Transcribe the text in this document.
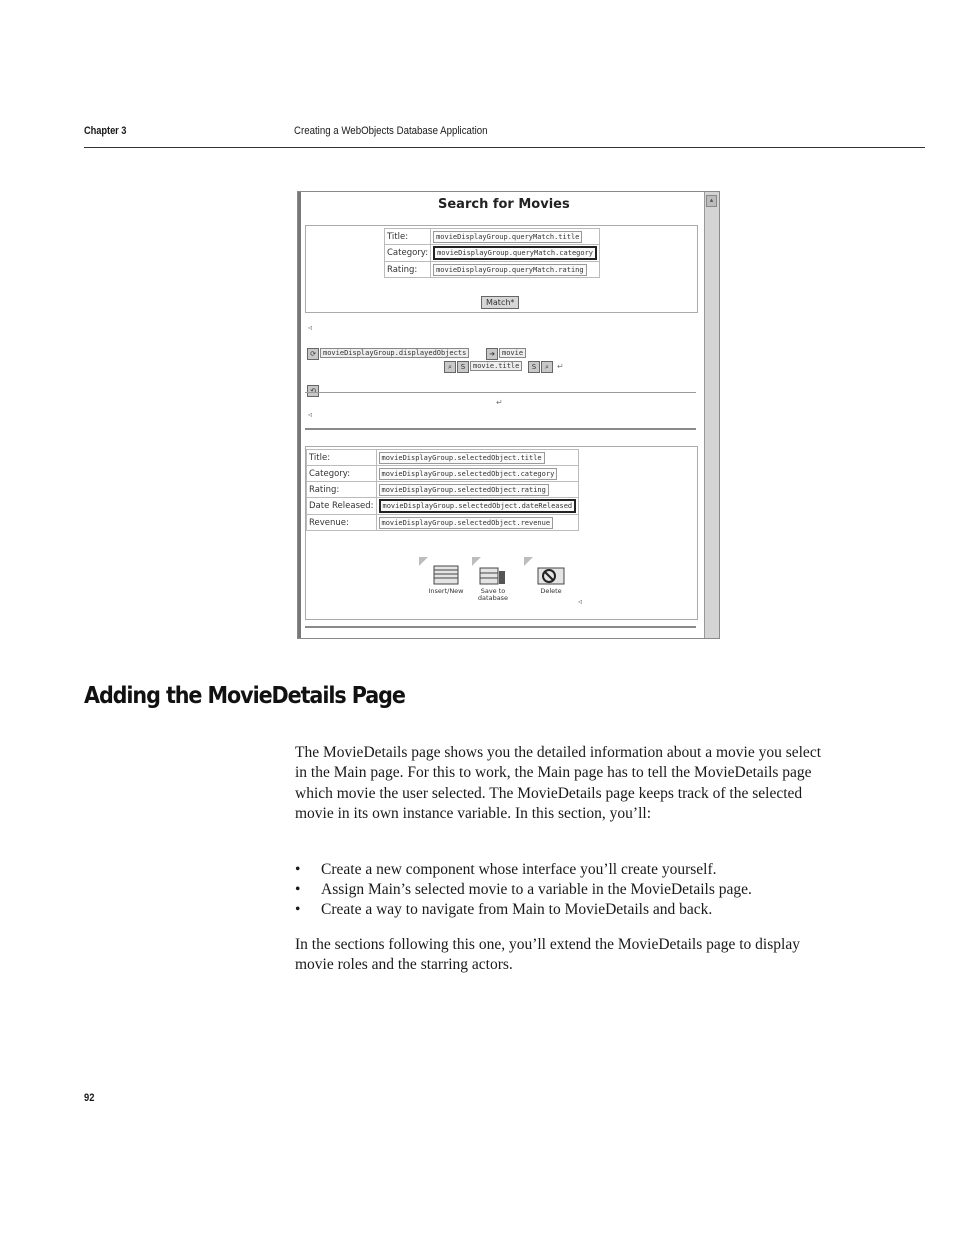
Chapter 3	Creating a WebObjects Database Application
▴
Search for Movies
Title:	movieDisplayGroup.queryMatch.title
Category:	movieDisplayGroup.queryMatch.category
Rating:	movieDisplayGroup.queryMatch.rating
Match*
◃
⟳	movieDisplayGroup.displayedObjects	➔	movie
⌕	S	movie.title	S	⌕	↵
⟲
↵
◃
Title:	movieDisplayGroup.selectedObject.title
Category:	movieDisplayGroup.selectedObject.category
Rating:	movieDisplayGroup.selectedObject.rating
Date Released:	movieDisplayGroup.selectedObject.dateReleased
Revenue:	movieDisplayGroup.selectedObject.revenue
Insert/New	Save to database
Delete
◃
Adding the MovieDetails Page

The MovieDetails page shows you the detailed information about a movie you select in the Main page. For this to work, the Main page has to tell the MovieDetails page which movie the user selected. The MovieDetails page keeps track of the selected movie in its own instance variable. In this section, you’ll:

• Create a new component whose interface you’ll create yourself.
• Assign Main’s selected movie to a variable in the MovieDetails page.
• Create a way to navigate from Main to MovieDetails and back.

In the sections following this one, you’ll extend the MovieDetails page to display movie roles and the starring actors.

92
